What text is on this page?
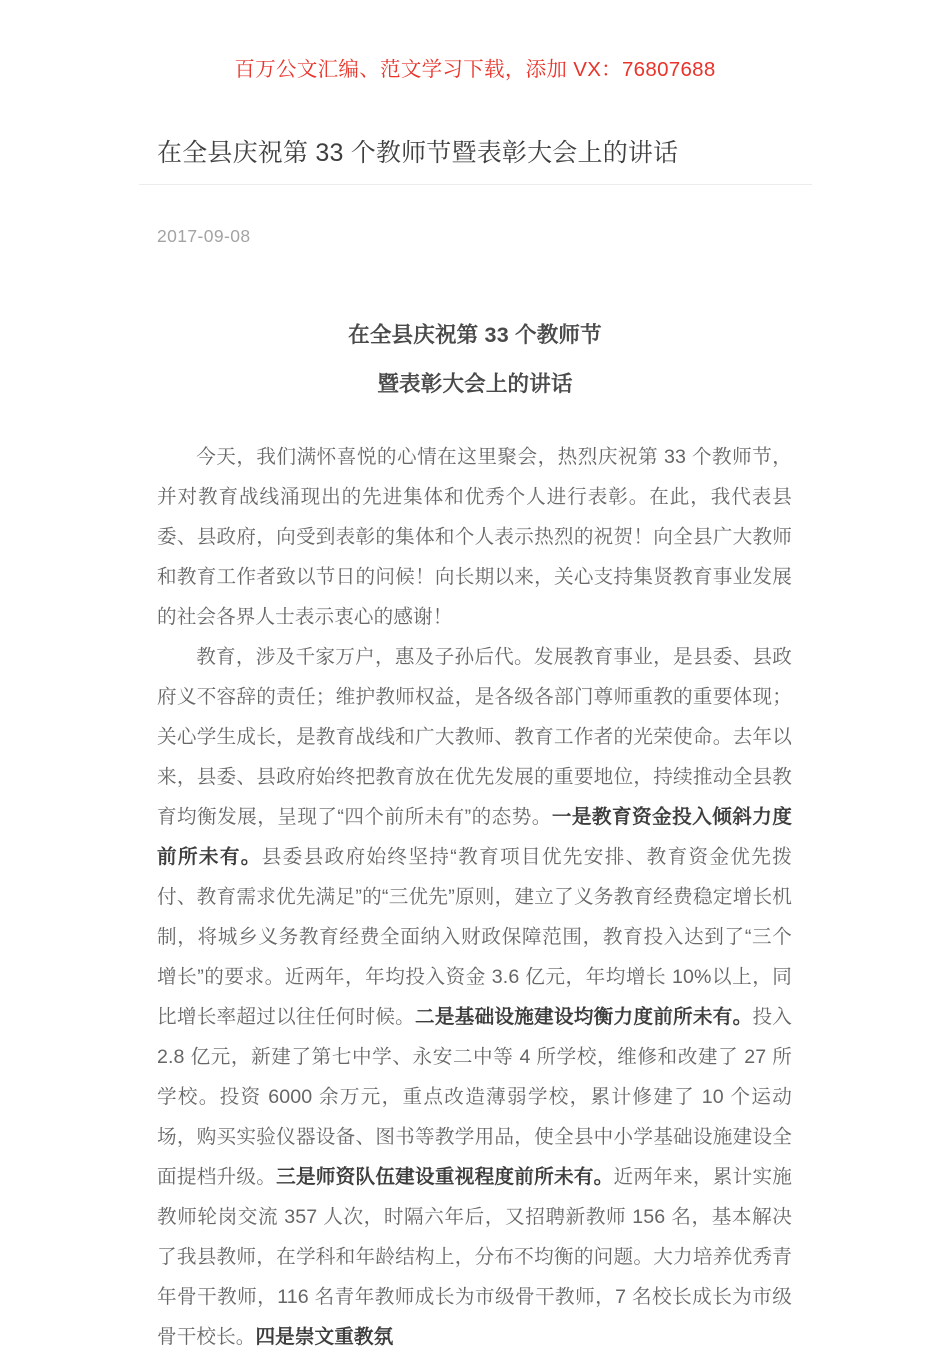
百万公文汇编、范文学习下载，添加 VX：76807688
在全县庆祝第 33 个教师节暨表彰大会上的讲话
2017-09-08
在全县庆祝第 33 个教师节
暨表彰大会上的讲话

今天，我们满怀喜悦的心情在这里聚会，热烈庆祝第 33 个教师节，并对教育战线涌现出的先进集体和优秀个人进行表彰。在此，我代表县委、县政府，向受到表彰的集体和个人表示热烈的祝贺！向全县广大教师和教育工作者致以节日的问候！向长期以来，关心支持集贤教育事业发展的社会各界人士表示衷心的感谢！

教育，涉及千家万户，惠及子孙后代。发展教育事业，是县委、县政府义不容辞的责任；维护教师权益，是各级各部门尊师重教的重要体现；关心学生成长，是教育战线和广大教师、教育工作者的光荣使命。去年以来，县委、县政府始终把教育放在优先发展的重要地位，持续推动全县教育均衡发展，呈现了“四个前所未有”的态势。一是教育资金投入倾斜力度前所未有。县委县政府始终坚持“教育项目优先安排、教育资金优先拨付、教育需求优先满足”的“三优先”原则，建立了义务教育经费稳定增长机制，将城乡义务教育经费全面纳入财政保障范围，教育投入达到了“三个增长”的要求。近两年，年均投入资金 3.6 亿元，年均增长 10%以上，同比增长率超过以往任何时候。二是基础设施建设均衡力度前所未有。投入 2.8 亿元，新建了第七中学、永安二中等 4 所学校，维修和改建了 27 所学校。投资 6000 余万元，重点改造薄弱学校，累计修建了 10 个运动场，购买实验仪器设备、图书等教学用品，使全县中小学基础设施建设全面提档升级。三是师资队伍建设重视程度前所未有。近两年来，累计实施教师轮岗交流 357 人次，时隔六年后，又招聘新教师 156 名，基本解决了我县教师，在学科和年龄结构上，分布不均衡的问题。大力培养优秀青年骨干教师，116 名青年教师成长为市级骨干教师，7 名校长成长为市级骨干校长。四是崇文重教氛
